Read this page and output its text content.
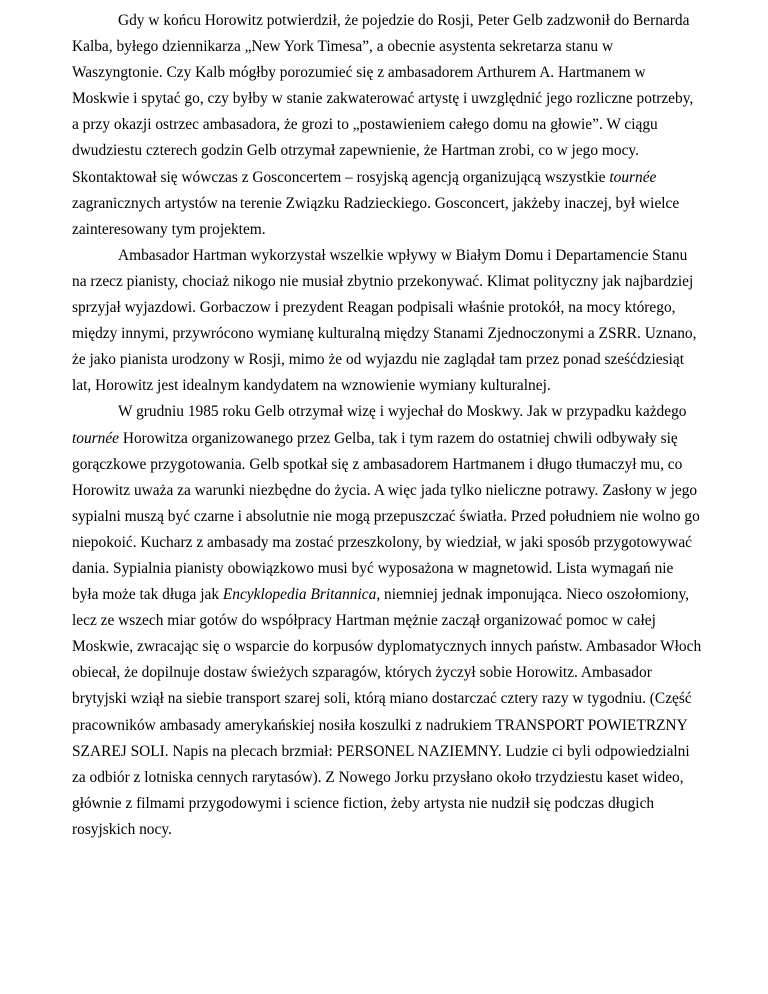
Gdy w końcu Horowitz potwierdził, że pojedzie do Rosji, Peter Gelb zadzwonił do Bernarda Kalba, byłego dziennikarza „New York Timesa”, a obecnie asystenta sekretarza stanu w Waszyngtonie. Czy Kalb mógłby porozumieć się z ambasadorem Arthurem A. Hartmanem w Moskwie i spytać go, czy byłby w stanie zakwaterować artystę i uwzględnić jego rozliczne potrzeby, a przy okazji ostrzec ambasadora, że grozi to „postawieniem całego domu na głowie”. W ciągu dwudziestu czterech godzin Gelb otrzymał zapewnienie, że Hartman zrobi, co w jego mocy. Skontaktował się wówczas z Gosconcertem – rosyjską agencją organizującą wszystkie tournée zagranicznych artystów na terenie Związku Radzieckiego. Gosconcert, jakżeby inaczej, był wielce zainteresowany tym projektem.

Ambasador Hartman wykorzystał wszelkie wpływy w Białym Domu i Departamencie Stanu na rzecz pianisty, chociaż nikogo nie musiał zbytnio przekonywać. Klimat polityczny jak najbardziej sprzyjał wyjazdowi. Gorbaczow i prezydent Reagan podpisali właśnie protokół, na mocy którego, między innymi, przywrócono wymianę kulturalną między Stanami Zjednoczonymi a ZSRR. Uznano, że jako pianista urodzony w Rosji, mimo że od wyjazdu nie zaglądał tam przez ponad sześćdziesiąt lat, Horowitz jest idealnym kandydatem na wznowienie wymiany kulturalnej.

W grudniu 1985 roku Gelb otrzymał wizę i wyjechał do Moskwy. Jak w przypadku każdego tournée Horowitza organizowanego przez Gelba, tak i tym razem do ostatniej chwili odbywały się gorączkowe przygotowania. Gelb spotkał się z ambasadorem Hartmanem i długo tłumaczył mu, co Horowitz uważa za warunki niezbędne do życia. A więc jada tylko nieliczne potrawy. Zasłony w jego sypialni muszą być czarne i absolutnie nie mogą przepuszczać światła. Przed południem nie wolno go niepokoić. Kucharz z ambasady ma zostać przeszkolony, by wiedział, w jaki sposób przygotowywać dania. Sypialnia pianisty obowiązkowo musi być wyposażona w magnetowid. Lista wymagań nie była może tak długa jak Encyklopedia Britannica, niemniej jednak imponująca. Nieco oszołomiony, lecz ze wszech miar gotów do współpracy Hartman mężnie zaczął organizować pomoc w całej Moskwie, zwracając się o wsparcie do korpusów dyplomatycznych innych państw. Ambasador Włoch obiecał, że dopilnuje dostaw świeżych szparagów, których życzył sobie Horowitz. Ambasador brytyjski wziął na siebie transport szarej soli, którą miano dostarczać cztery razy w tygodniu. (Część pracowników ambasady amerykańskiej nosiła koszulki z nadrukiem TRANSPORT POWIETRZNY SZAREJ SOLI. Napis na plecach brzmiał: PERSONEL NAZIEMNY. Ludzie ci byli odpowiedzialni za odbiór z lotniska cennych rarytasów). Z Nowego Jorku przysłano około trzydziestu kaset wideo, głównie z filmami przygodowymi i science fiction, żeby artysta nie nudził się podczas długich rosyjskich nocy.
